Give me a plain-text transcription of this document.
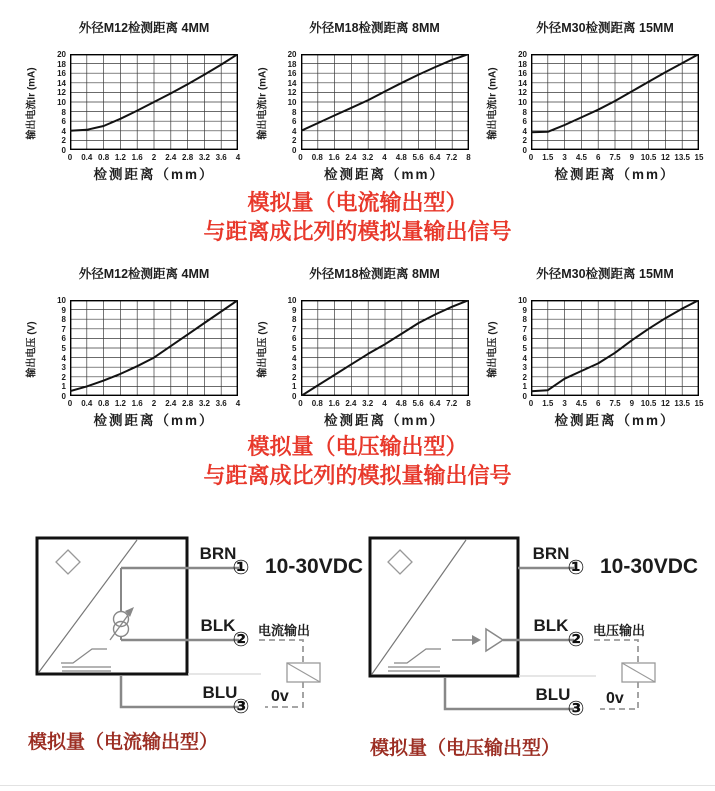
外径M12检测距离 4MM
输出电流Ir (mA)
检测距离（mm）
20
18
16
14
12
10
8
6
4
2
0
0 0.4 0.8 1.2 1.6 2 2.4 2.8 3.2 3.6 4
外径M18检测距离 8MM
输出电流Ir (mA)
检测距离（mm）
20
18
16
14
12
10
8
6
4
2
0
0 0.8 1.6 2.4 3.2 4 4.8 5.6 6.4 7.2 8
外径M30检测距离 15MM
输出电流Ir (mA)
检测距离（mm）
20
18
16
14
12
10
8
6
4
2
0
0 1.5 3 4.5 6 7.5 9 10.5 12 13.5 15
模拟量（电流输出型）
与距离成比列的模拟量输出信号
外径M12检测距离 4MM
输出电压 (V)
检测距离（mm）
10
9
8
7
6
5
4
3
2
1
0
0 0.4 0.8 1.2 1.6 2 2.4 2.8 3.2 3.6 4
外径M18检测距离 8MM
输出电压 (V)
检测距离（mm）
10
9
8
7
6
5
4
3
2
1
0
0 0.8 1.6 2.4 3.2 4 4.8 5.6 6.4 7.2 8
外径M30检测距离 15MM
输出电压 (V)
检测距离（mm）
10
9
8
7
6
5
4
3
2
1
0
0 1.5 3 4.5 6 7.5 9 10.5 12 13.5 15
模拟量（电压输出型）
与距离成比列的模拟量输出信号
BRN
BLK
BLU
①
②
③
10-30VDC
电流输出
0v
模拟量（电流输出型）
BRN
BLK
BLU
①
②
③
10-30VDC
电压输出
0v
模拟量（电压输出型）
